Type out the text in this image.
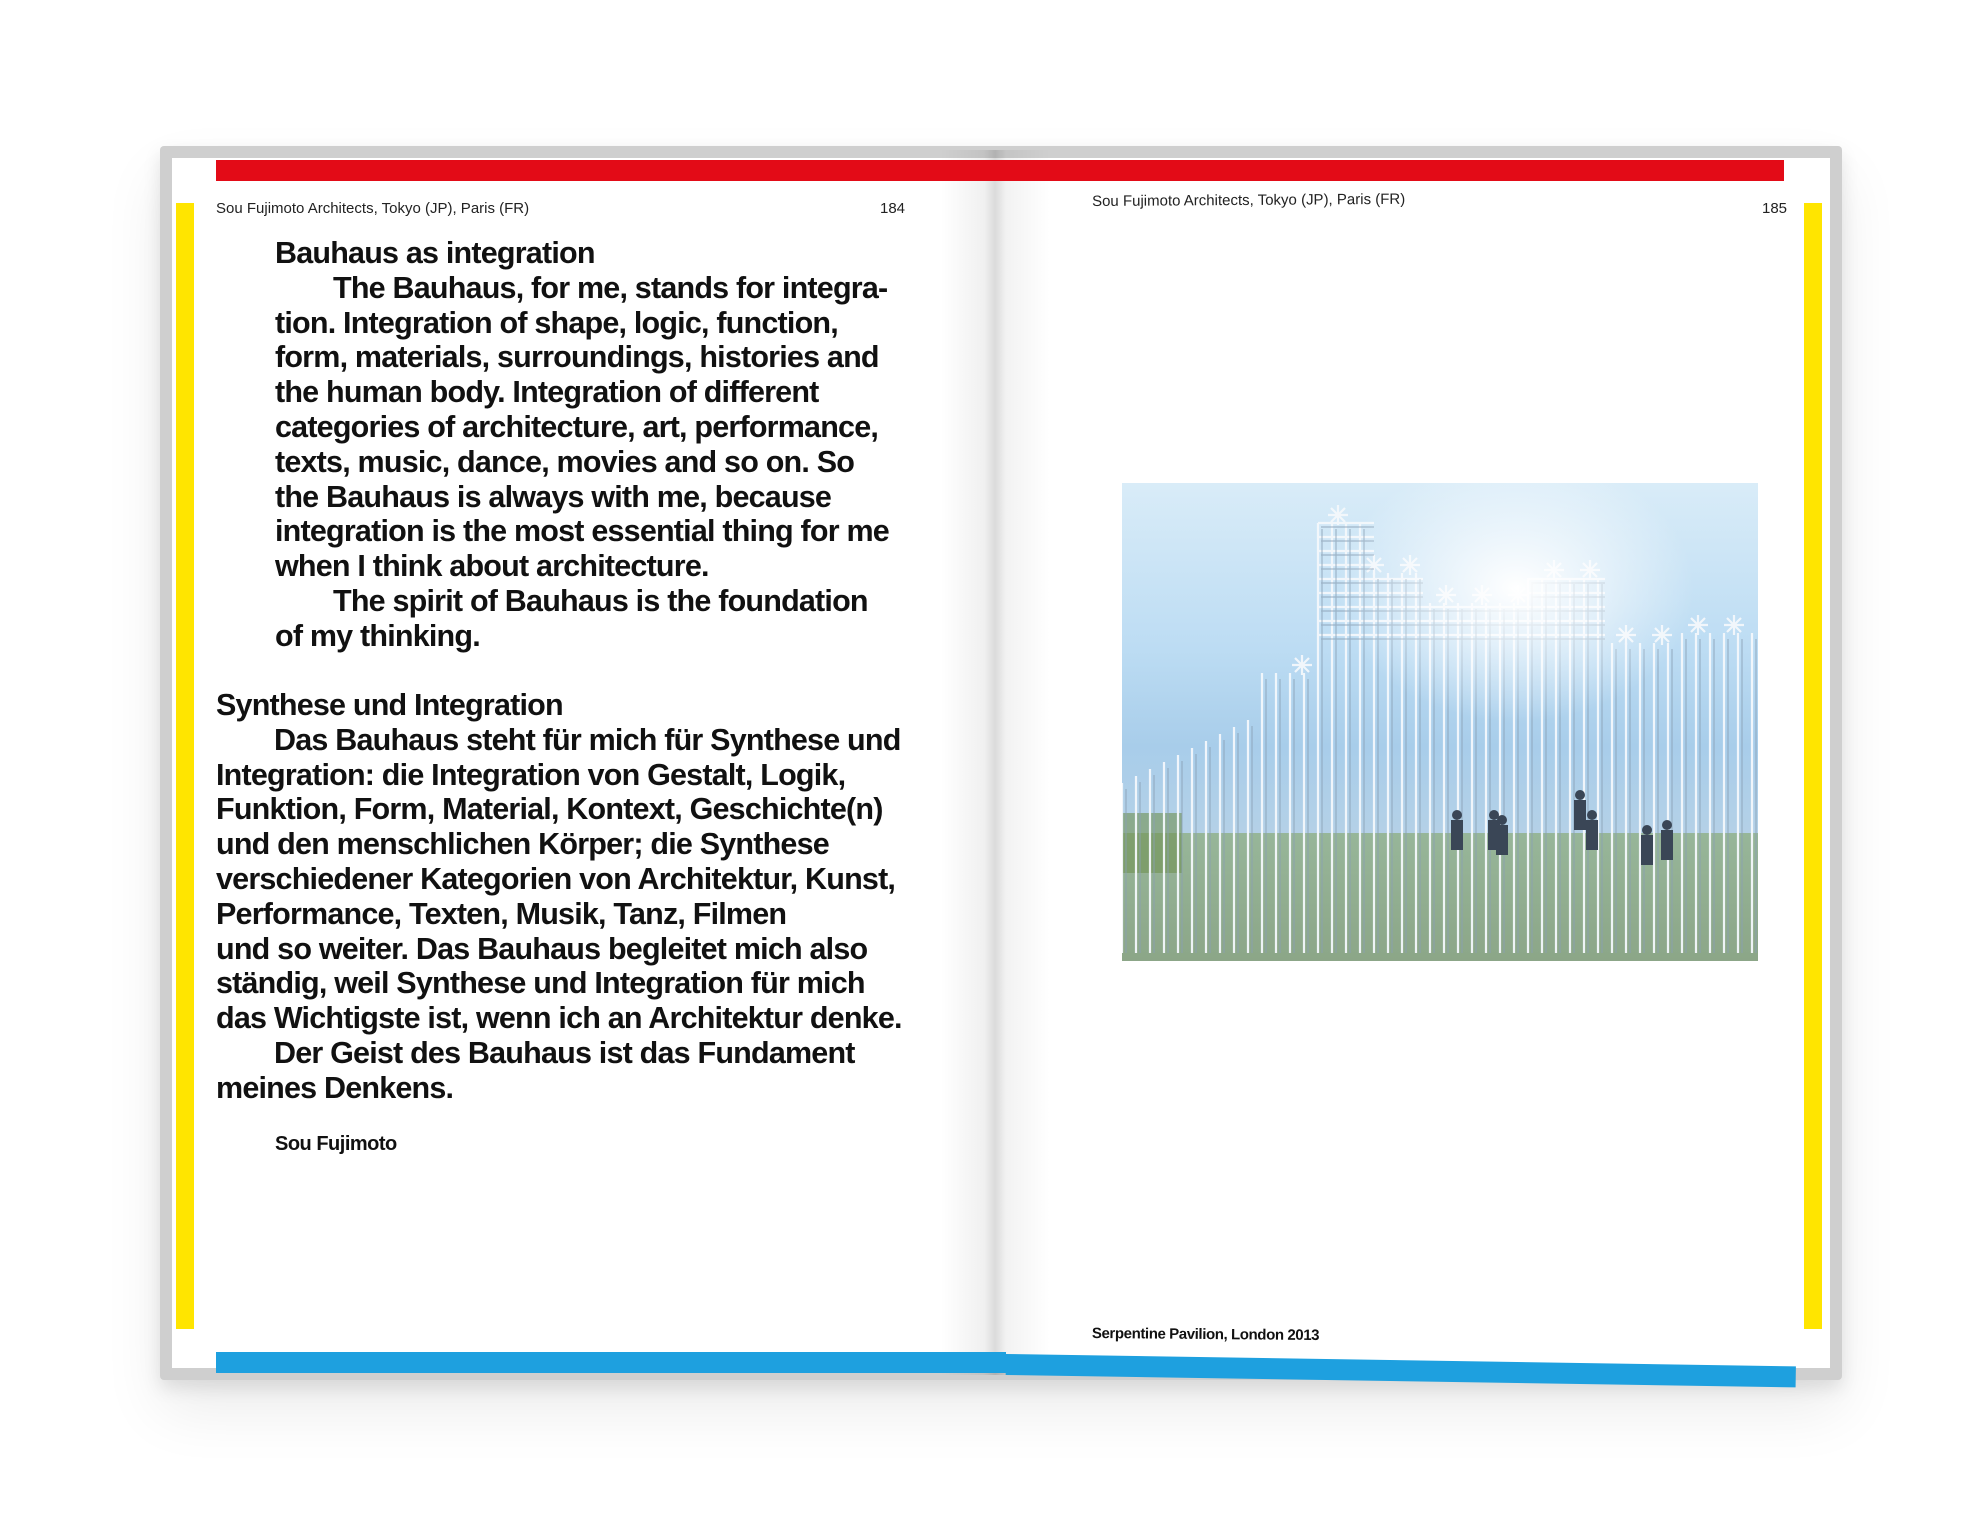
Sou Fujimoto Architects, Tokyo (JP), Paris (FR)	184	Sou Fujimoto Architects, Tokyo (JP), Paris (FR)	185

Bauhaus as integration

The Bauhaus, for me, stands for integra-

tion. Integration of shape, logic, function,

form, materials, surroundings, histories and

the human body. Integration of different

categories of architecture, art, performance,

texts, music, dance, movies and so on. So

the Bauhaus is always with me, because

integration is the most essential thing for me

when I think about architecture.

The spirit of Bauhaus is the foundation

of my thinking.

Synthese und Integration

Das Bauhaus steht für mich für Synthese und

Integration: die Integration von Gestalt, Logik,

Funktion, Form, Material, Kontext, Geschichte(n)

und den menschlichen Körper; die Synthese

verschiedener Kategorien von Architektur, Kunst,

Performance, Texten, Musik, Tanz, Filmen

und so weiter. Das Bauhaus begleitet mich also

ständig, weil Synthese und Integration für mich

das Wichtigste ist, wenn ich an Architektur denke.

Der Geist des Bauhaus ist das Fundament

meines Denkens.

Sou Fujimoto
Serpentine Pavilion, London 2013
